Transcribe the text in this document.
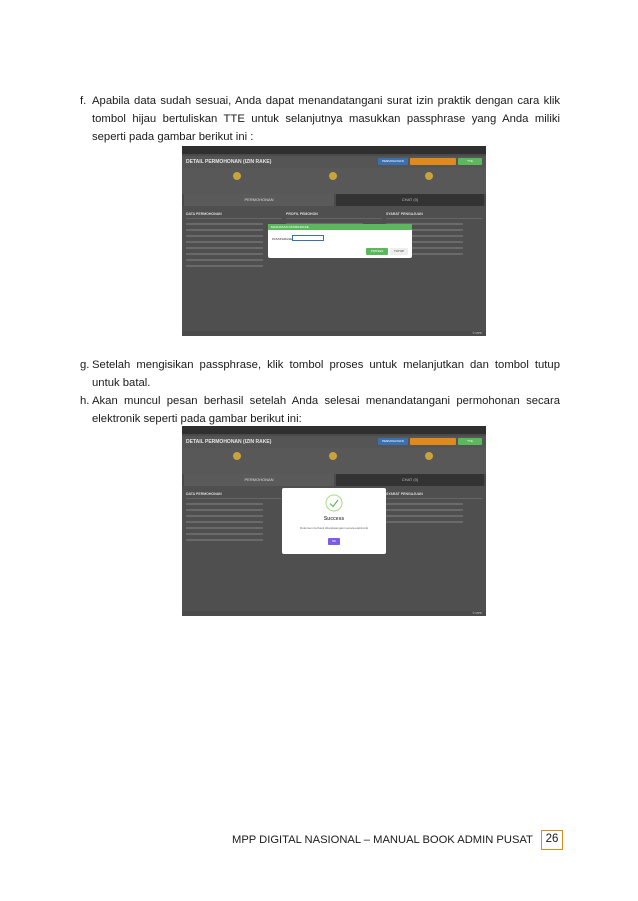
f. Apabila data sudah sesuai, Anda dapat menandatangani surat izin praktik dengan cara klik tombol hijau bertuliskan TTE untuk selanjutnya masukkan passphrase yang Anda miliki seperti pada gambar berikut ini :
DETAIL PERMOHONAN (IZIN RAKE)	PERMOHONAN	TTE
PERMOHONAN	CHAT (0)
DATA PERMOHONAN	PROFIL PEMOHON	SYARAT PENGAJUAN
MASUKKAN PASSPHRASE
PASSPHRASE
PROSES	TUTUP
© MPP
g. Setelah mengisikan passphrase, klik tombol proses untuk melanjutkan dan tombol tutup untuk batal.
h. Akan muncul pesan berhasil setelah Anda selesai menandatangani permohonan secara elektronik seperti pada gambar berikut ini:
DETAIL PERMOHONAN (IZIN RAKE)	PERMOHONAN	TTE
PERMOHONAN	CHAT (0)
DATA PERMOHONAN	SYARAT PENGAJUAN
Success
Dokumen berhasil ditandatangani secara elektronik
OK
© MPP
MPP DIGITAL NASIONAL – MANUAL BOOK ADMIN PUSAT	26
